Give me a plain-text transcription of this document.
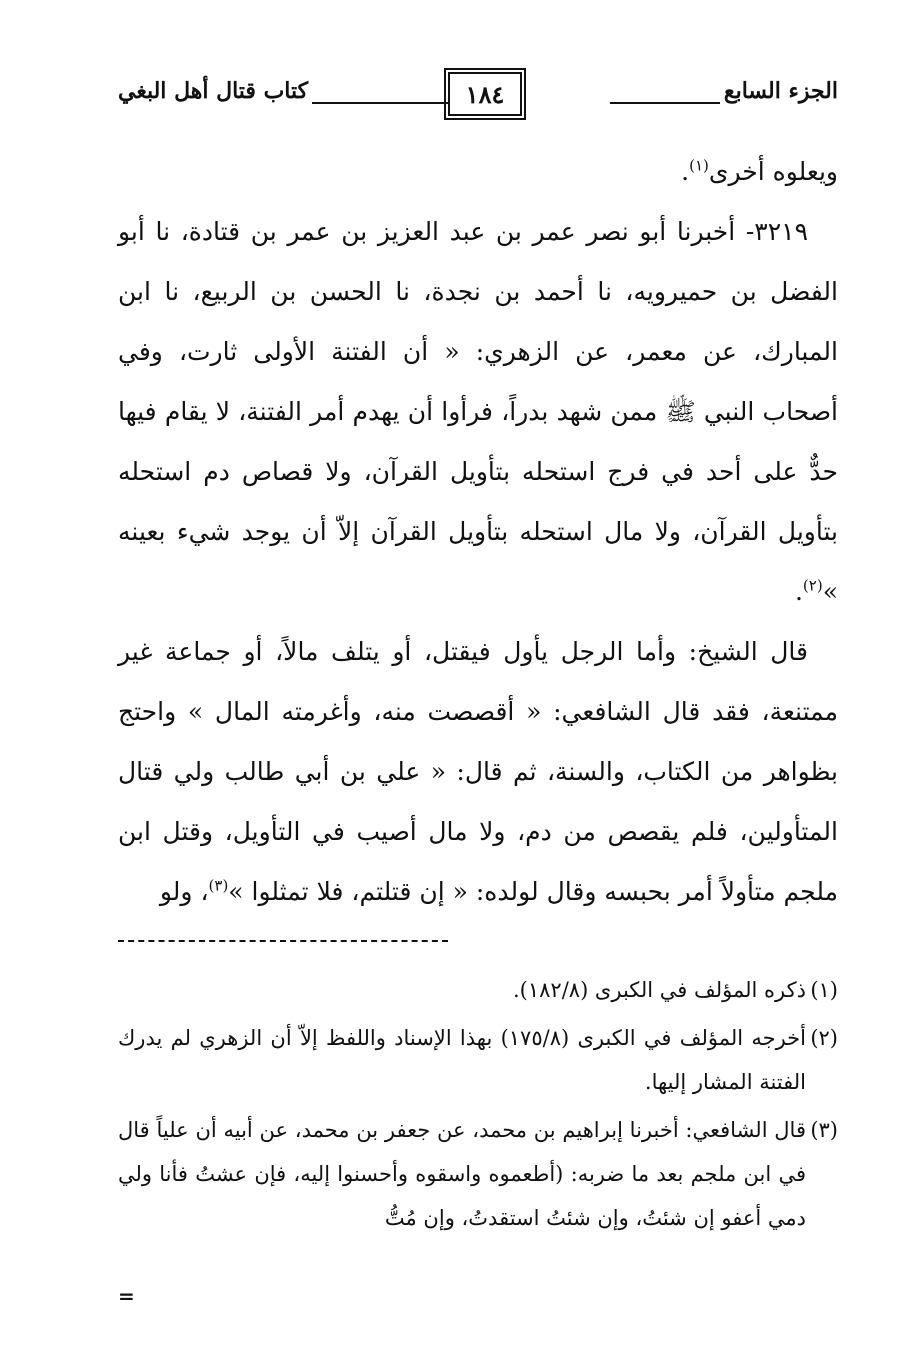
الجزء السابع
١٨٤
كتاب قتال أهل البغي

ويعلوه أخرى$^{(١)}$.

٣٢١٩- أخبرنا أبو نصر عمر بن عبد العزيز بن عمر بن قتادة، نا أبو الفضل بن حميرويه، نا أحمد بن نجدة، نا الحسن بن الربيع، نا ابن المبارك، عن معمر، عن الزهري: « أن الفتنة الأولى ثارت، وفي أصحاب النبي ﷺ ممن شهد بدراً، فرأوا أن يهدم أمر الفتنة، لا يقام فيها حدٌّ على أحد في فرج استحله بتأويل القرآن، ولا قصاص دم استحله بتأويل القرآن، ولا مال استحله بتأويل القرآن إلاّ أن يوجد شيء بعينه »$^{(٢)}$.

قال الشيخ: وأما الرجل يأول فيقتل، أو يتلف مالاً، أو جماعة غير ممتنعة، فقد قال الشافعي: « أقصصت منه، وأغرمته المال » واحتج بظواهر من الكتاب، والسنة، ثم قال: « علي بن أبي طالب ولي قتال المتأولين، فلم يقصص من دم، ولا مال أصيب في التأويل، وقتل ابن ملجم متأولاً أمر بحبسه وقال لولده: « إن قتلتم، فلا تمثلوا »$^{(٣)}$، ولو

(١)
ذكره المؤلف في الكبرى (١٨٢/٨).

(٢)
أخرجه المؤلف في الكبرى (١٧٥/٨) بهذا الإسناد واللفظ إلاّ أن الزهري لم يدرك الفتنة المشار إليها.

(٣)
قال الشافعي: أخبرنا إبراهيم بن محمد، عن جعفر بن محمد، عن أبيه أن علياً قال في ابن ملجم بعد ما ضربه: (أطعموه واسقوه وأحسنوا إليه، فإن عشتُ فأنا ولي دمي أعفو إن شئتُ، وإن شئتُ استقدتُ، وإن مُتُّ

=
